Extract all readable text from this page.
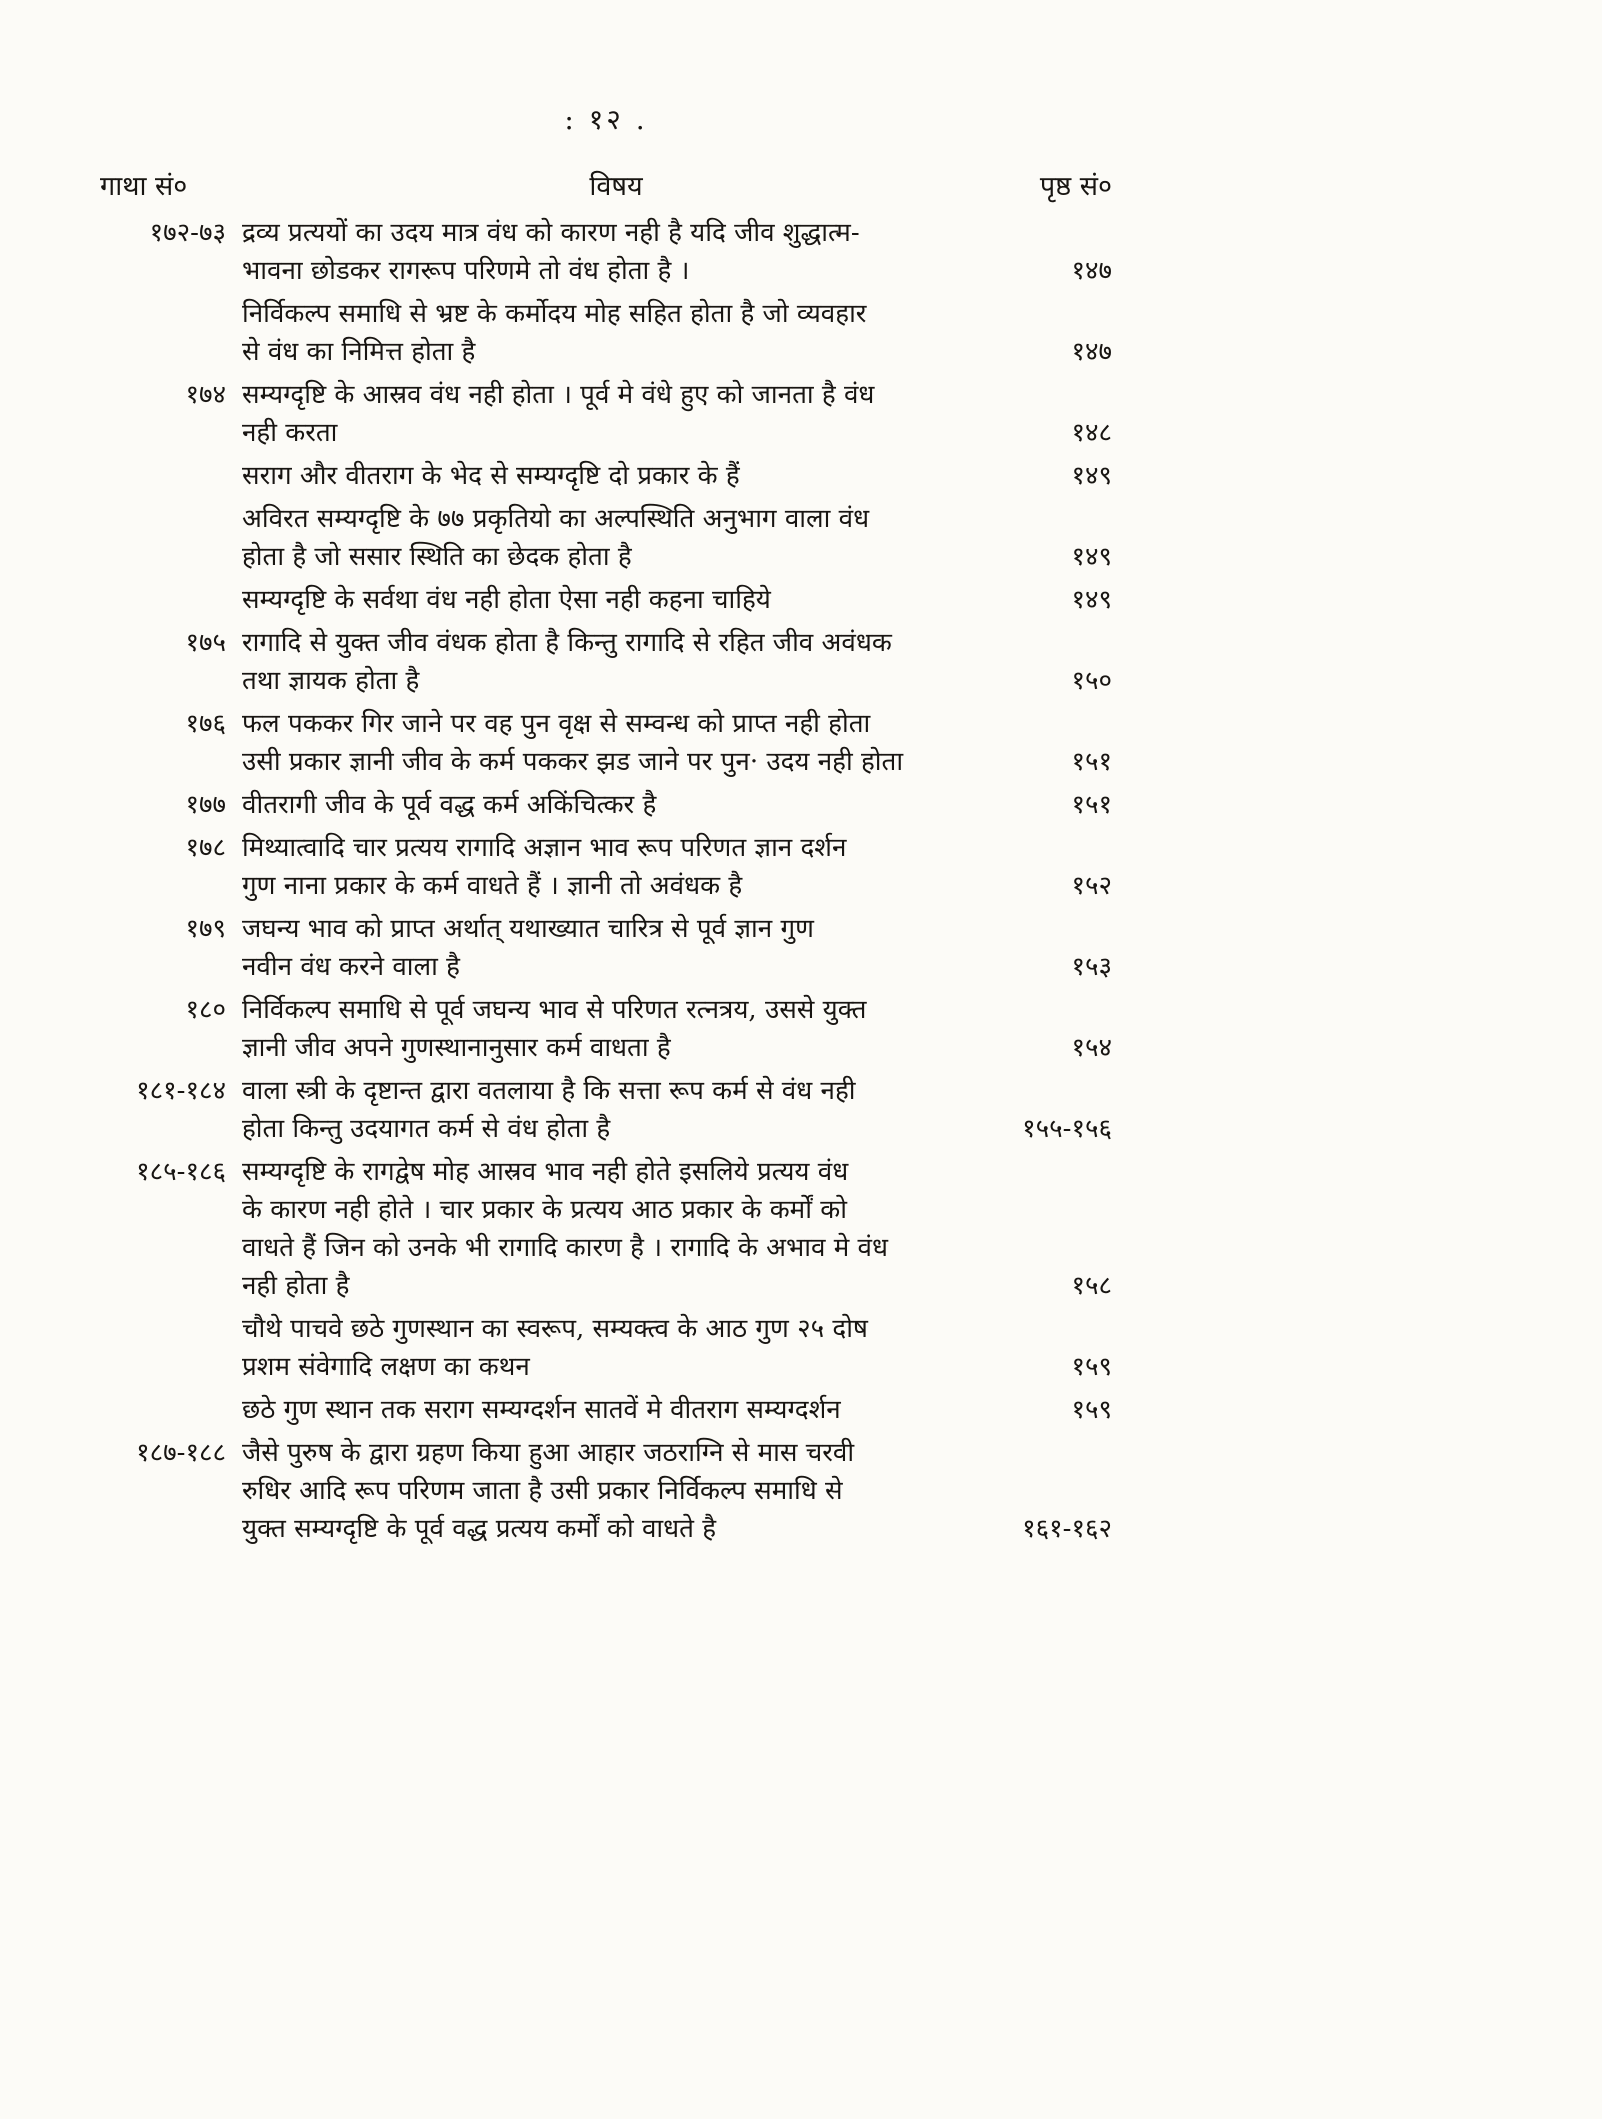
: १२ .
गाथा सं०	विषय	पृष्ठ सं०
१७२-७३ द्रव्य प्रत्ययों का उदय मात्र वंध को कारण नही है यदि जीव शुद्धात्म-
भावना छोडकर रागरूप परिणमे तो वंध होता है ।	१४७
निर्विकल्प समाधि से भ्रष्ट के कर्मोदय मोह सहित होता है जो व्यवहार
से वंध का निमित्त होता है	१४७
१७४ सम्यग्दृष्टि के आस्रव वंध नही होता । पूर्व मे वंधे हुए को जानता है वंध
नही करता	१४८
सराग और वीतराग के भेद से सम्यग्दृष्टि दो प्रकार के हैं	१४९
अविरत सम्यग्दृष्टि के ७७ प्रकृतियो का अल्पस्थिति अनुभाग वाला वंध
होता है जो ससार स्थिति का छेदक होता है	१४९
सम्यग्दृष्टि के सर्वथा वंध नही होता ऐसा नही कहना चाहिये	१४९
१७५ रागादि से युक्त जीव वंधक होता है किन्तु रागादि से रहित जीव अवंधक
तथा ज्ञायक होता है	१५०
१७६ फल पककर गिर जाने पर वह पुन वृक्ष से सम्वन्ध को प्राप्त नही होता
उसी प्रकार ज्ञानी जीव के कर्म पककर झड जाने पर पुन· उदय नही होता	१५१
१७७ वीतरागी जीव के पूर्व वद्ध कर्म अकिंचित्कर है	१५१
१७८ मिथ्यात्वादि चार प्रत्यय रागादि अज्ञान भाव रूप परिणत ज्ञान दर्शन
गुण नाना प्रकार के कर्म वाधते हैं । ज्ञानी तो अवंधक है	१५२
१७९ जघन्य भाव को प्राप्त अर्थात् यथाख्यात चारित्र से पूर्व ज्ञान गुण
नवीन वंध करने वाला है	१५३
१८० निर्विकल्प समाधि से पूर्व जघन्य भाव से परिणत रत्नत्रय, उससे युक्त
ज्ञानी जीव अपने गुणस्थानानुसार कर्म वाधता है	१५४
१८१-१८४ वाला स्त्री के दृष्टान्त द्वारा वतलाया है कि सत्ता रूप कर्म से वंध नही
होता किन्तु उदयागत कर्म से वंध होता है	१५५-१५६
१८५-१८६ सम्यग्दृष्टि के रागद्वेष मोह आस्रव भाव नही होते इसलिये प्रत्यय वंध
के कारण नही होते । चार प्रकार के प्रत्यय आठ प्रकार के कर्मों को
वाधते हैं जिन को उनके भी रागादि कारण है । रागादि के अभाव मे वंध
नही होता है	१५८
चौथे पाचवे छठे गुणस्थान का स्वरूप, सम्यक्त्व के आठ गुण २५ दोष
प्रशम संवेगादि लक्षण का कथन	१५९
छठे गुण स्थान तक सराग सम्यग्दर्शन सातवें मे वीतराग सम्यग्दर्शन	१५९
१८७-१८८ जैसे पुरुष के द्वारा ग्रहण किया हुआ आहार जठराग्नि से मास चरवी
रुधिर आदि रूप परिणम जाता है उसी प्रकार निर्विकल्प समाधि से
युक्त सम्यग्दृष्टि के पूर्व वद्ध प्रत्यय कर्मों को वाधते है	१६१-१६२
